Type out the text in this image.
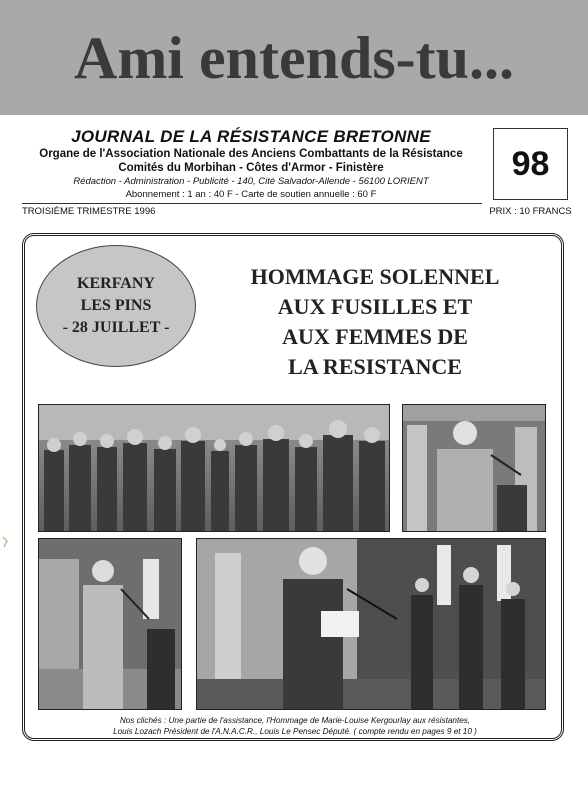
Ami entends-tu...
JOURNAL DE LA RÉSISTANCE BRETONNE
Organe de l'Association Nationale des Anciens Combattants de la Résistance
Comités du Morbihan - Côtes d'Armor - Finistère
Rédaction - Administration - Publicité - 140, Cité Salvador-Allende - 56100 LORIENT
Abonnement : 1 an : 40 F - Carte de soutien annuelle : 60 F
TROISIÈME TRIMESTRE 1996
98
PRIX : 10 FRANCS
KERFANY
LES PINS
- 28 JUILLET -
HOMMAGE SOLENNEL
AUX FUSILLES ET
AUX FEMMES DE
LA RESISTANCE
Nos clichés : Une partie de l'assistance, l'Hommage de Marie-Louise Kergourlay aux résistantes,
Louis Lozach Président de l'A.N.A.C.R., Louis Le Pensec Député. ( compte rendu en pages 9 et 10 )
